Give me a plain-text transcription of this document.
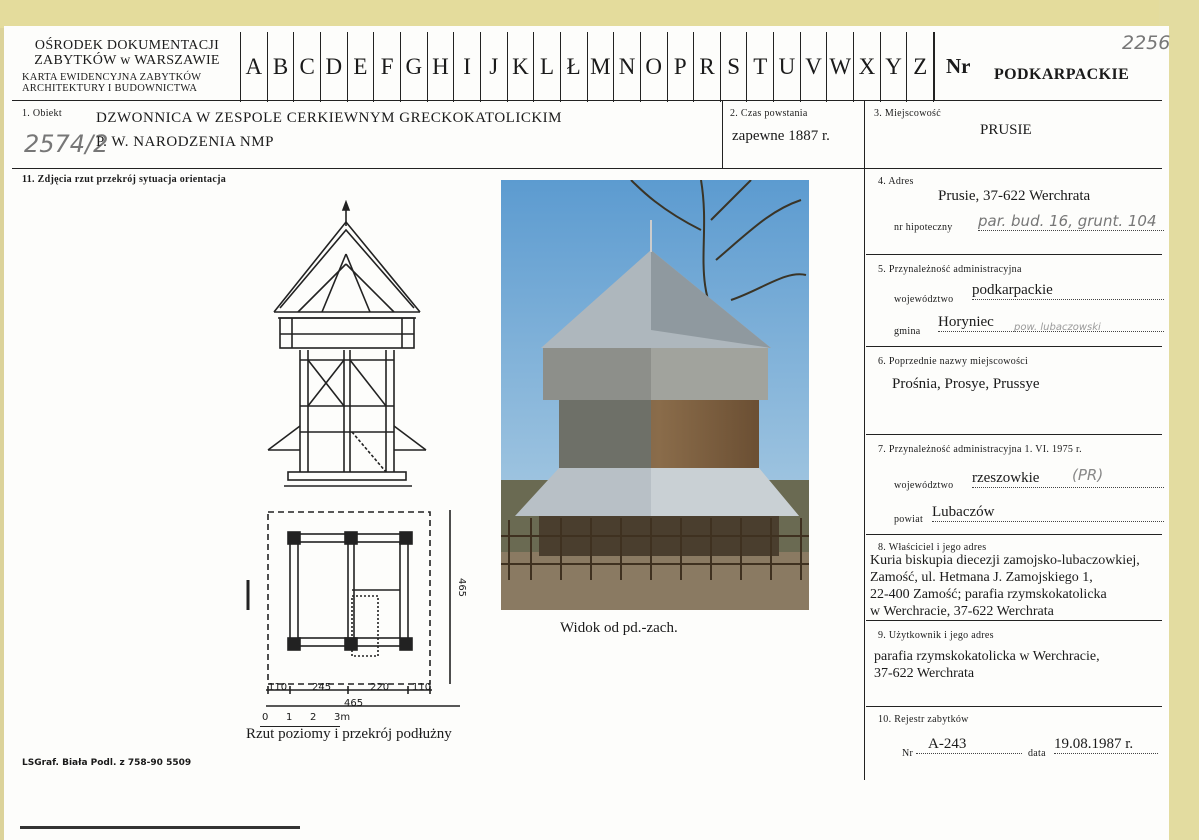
OŚRODEK DOKUMENTACJI
ZABYTKÓW w WARSZAWIE
KARTA EWIDENCYJNA ZABYTKÓW
ARCHITEKTURY I BUDOWNICTWA
A B C D E F G H I J K L Ł M N O P R S T U V W X Y Z Nr PODKARPACKIE
2256
1. Obiekt
2574/2
DZWONNICA W ZESPOLE CERKIEWNYM GRECKOKATOLICKIM
P. W. NARODZENIA NMP
2. Czas powstania
zapewne 1887 r.
3. Miejscowość
PRUSIE
11. Zdjęcia rzut przekrój sytuacja orientacja
110 245	220 110
465
465
0 1 2 3m
Rzut poziomy i przekrój podłużny
Widok od pd.-zach.
4. Adres
Prusie, 37-622 Werchrata
nr hipoteczny par. bud. 16, grunt. 104
5. Przynależność administracyjna
województwo
podkarpackie
gmina
Horyniec	pow. lubaczowski
6. Poprzednie nazwy miejscowości
Prośnia, Prosye, Prussye
7. Przynależność administracyjna 1. VI. 1975 r.
województwo rzeszowkie	(PR)
powiat Lubaczów
8. Właściciel i jego adres
Kuria biskupia diecezji zamojsko-lubaczowkiej,
Zamość, ul. Hetmana J. Zamojskiego 1,
22-400 Zamość; parafia rzymskokatolicka
w Werchracie, 37-622 Werchrata
9. Użytkownik i jego adres
parafia rzymskokatolicka w Werchracie,
37-622 Werchrata
10. Rejestr zabytków
Nr
A-243
data
19.08.1987 r.
LSGraf. Biała Podl. z 758-90 5509
